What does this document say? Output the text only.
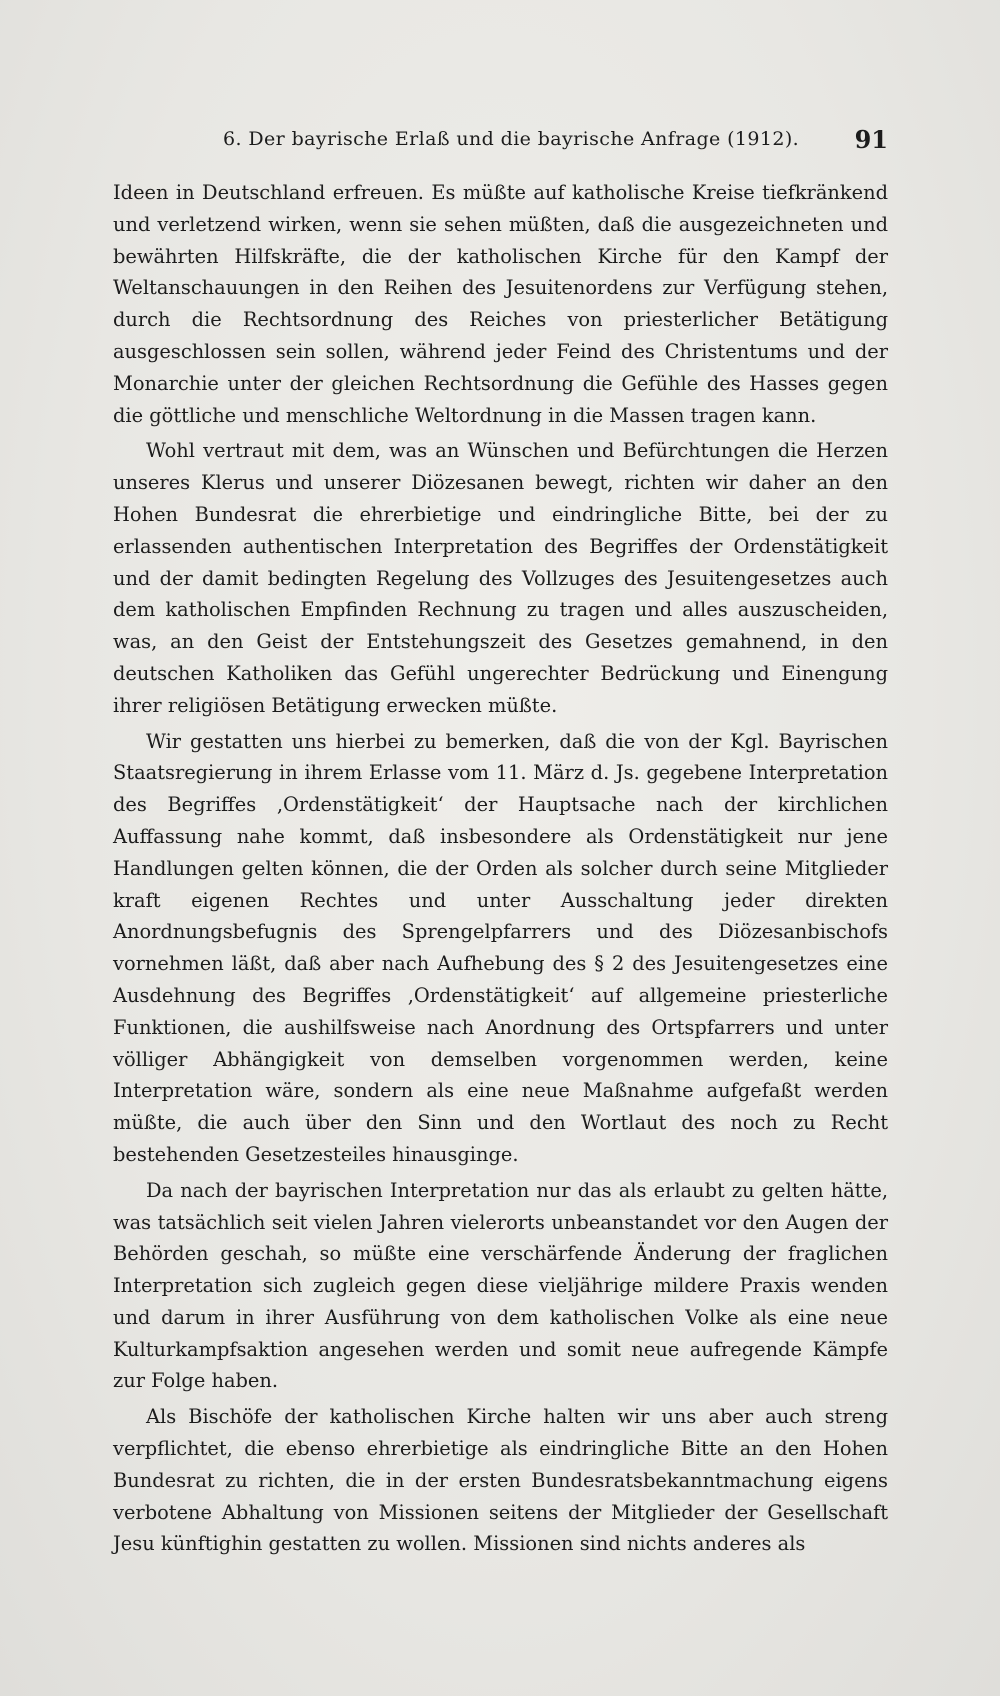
6. Der bayrische Erlaß und die bayrische Anfrage (1912). 91

Ideen in Deutschland erfreuen. Es müßte auf katholische Kreise tiefkränkend und verletzend wirken, wenn sie sehen müßten, daß die ausgezeichneten und bewährten Hilfskräfte, die der katholischen Kirche für den Kampf der Weltanschauungen in den Reihen des Jesuitenordens zur Verfügung stehen, durch die Rechtsordnung des Reiches von priesterlicher Betätigung ausgeschlossen sein sollen, während jeder Feind des Christentums und der Monarchie unter der gleichen Rechtsordnung die Gefühle des Hasses gegen die göttliche und menschliche Weltordnung in die Massen tragen kann.

Wohl vertraut mit dem, was an Wünschen und Befürchtungen die Herzen unseres Klerus und unserer Diözesanen bewegt, richten wir daher an den Hohen Bundesrat die ehrerbietige und eindringliche Bitte, bei der zu erlassenden authentischen Interpretation des Begriffes der Ordenstätigkeit und der damit bedingten Regelung des Vollzuges des Jesuitengesetzes auch dem katholischen Empfinden Rechnung zu tragen und alles auszuscheiden, was, an den Geist der Entstehungszeit des Gesetzes gemahnend, in den deutschen Katholiken das Gefühl ungerechter Bedrückung und Einengung ihrer religiösen Betätigung erwecken müßte.

Wir gestatten uns hierbei zu bemerken, daß die von der Kgl. Bayrischen Staatsregierung in ihrem Erlasse vom 11. März d. Js. gegebene Interpretation des Begriffes ‚Ordenstätigkeit‘ der Hauptsache nach der kirchlichen Auffassung nahe kommt, daß insbesondere als Ordenstätigkeit nur jene Handlungen gelten können, die der Orden als solcher durch seine Mitglieder kraft eigenen Rechtes und unter Ausschaltung jeder direkten Anordnungsbefugnis des Sprengelpfarrers und des Diözesanbischofs vornehmen läßt, daß aber nach Aufhebung des § 2 des Jesuitengesetzes eine Ausdehnung des Begriffes ‚Ordenstätigkeit‘ auf allgemeine priesterliche Funktionen, die aushilfsweise nach Anordnung des Ortspfarrers und unter völliger Abhängigkeit von demselben vorgenommen werden, keine Interpretation wäre, sondern als eine neue Maßnahme aufgefaßt werden müßte, die auch über den Sinn und den Wortlaut des noch zu Recht bestehenden Gesetzesteiles hinausginge.

Da nach der bayrischen Interpretation nur das als erlaubt zu gelten hätte, was tatsächlich seit vielen Jahren vielerorts unbeanstandet vor den Augen der Behörden geschah, so müßte eine verschärfende Änderung der fraglichen Interpretation sich zugleich gegen diese vieljährige mildere Praxis wenden und darum in ihrer Ausführung von dem katholischen Volke als eine neue Kulturkampfsaktion angesehen werden und somit neue aufregende Kämpfe zur Folge haben.

Als Bischöfe der katholischen Kirche halten wir uns aber auch streng verpflichtet, die ebenso ehrerbietige als eindringliche Bitte an den Hohen Bundesrat zu richten, die in der ersten Bundesratsbekanntmachung eigens verbotene Abhaltung von Missionen seitens der Mitglieder der Gesellschaft Jesu künftighin gestatten zu wollen. Missionen sind nichts anderes als
